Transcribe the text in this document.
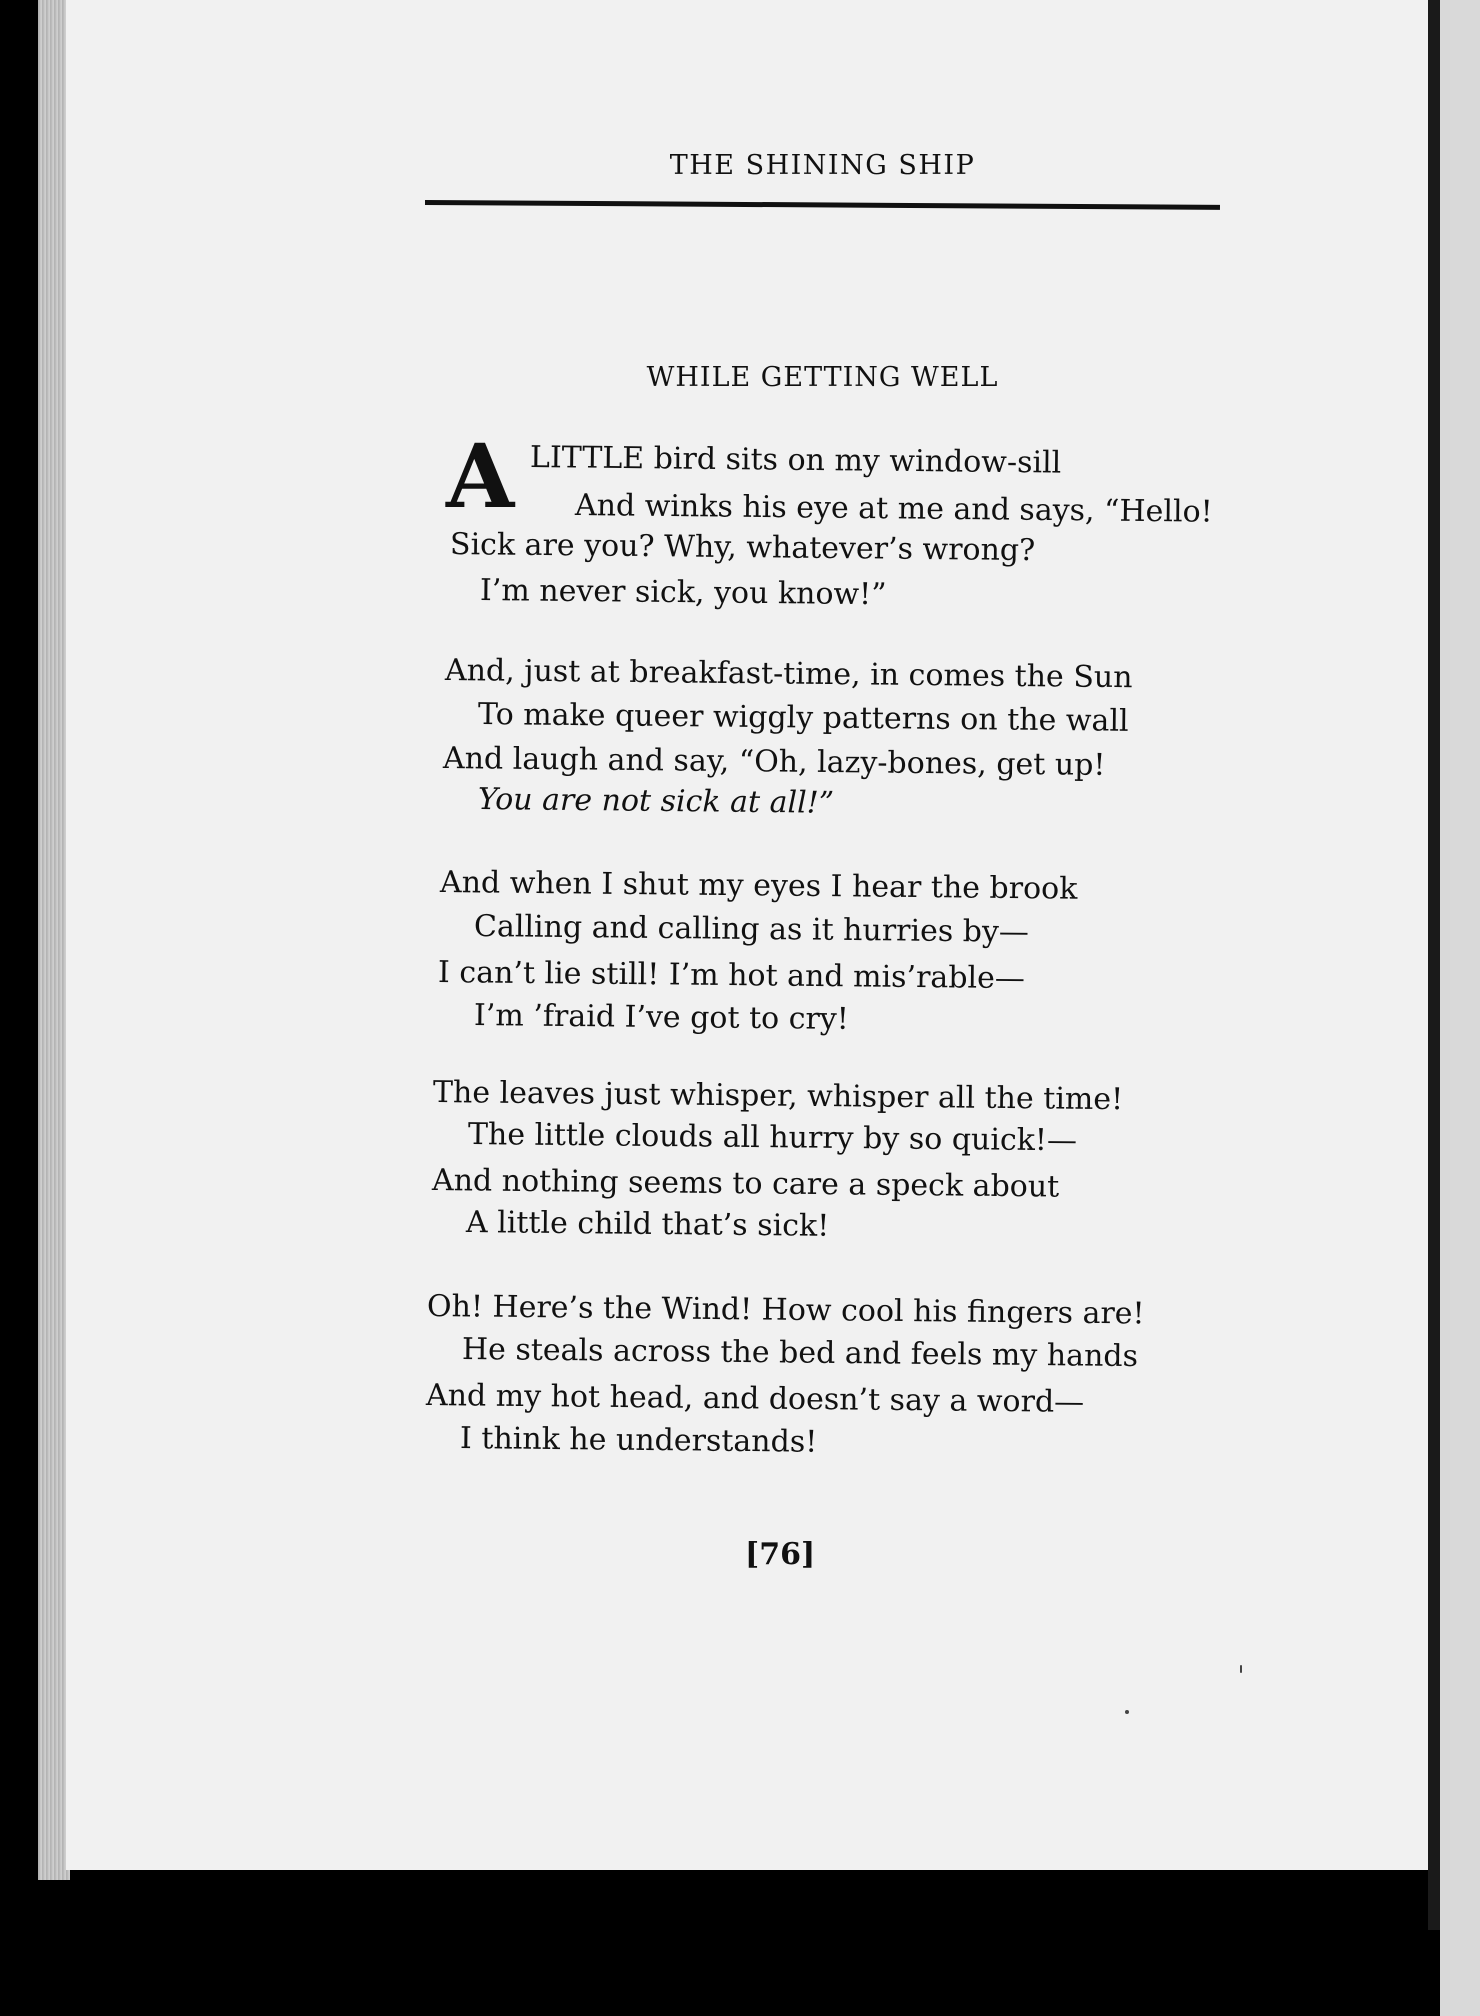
THE SHINING SHIP
WHILE GETTING WELL
A LITTLE bird sits on my window-sill
And winks his eye at me and says, “Hello!
Sick are you? Why, whatever’s wrong?
I’m never sick, you know!”
And, just at breakfast-time, in comes the Sun
To make queer wiggly patterns on the wall
And laugh and say, “Oh, lazy-bones, get up!
You are not sick at all!”
And when I shut my eyes I hear the brook
Calling and calling as it hurries by—
I can’t lie still! I’m hot and mis’rable—
I’m ’fraid I’ve got to cry!
The leaves just whisper, whisper all the time!
The little clouds all hurry by so quick!—
And nothing seems to care a speck about
A little child that’s sick!
Oh! Here’s the Wind! How cool his fingers are!
He steals across the bed and feels my hands
And my hot head, and doesn’t say a word—
I think he understands!
[76]
